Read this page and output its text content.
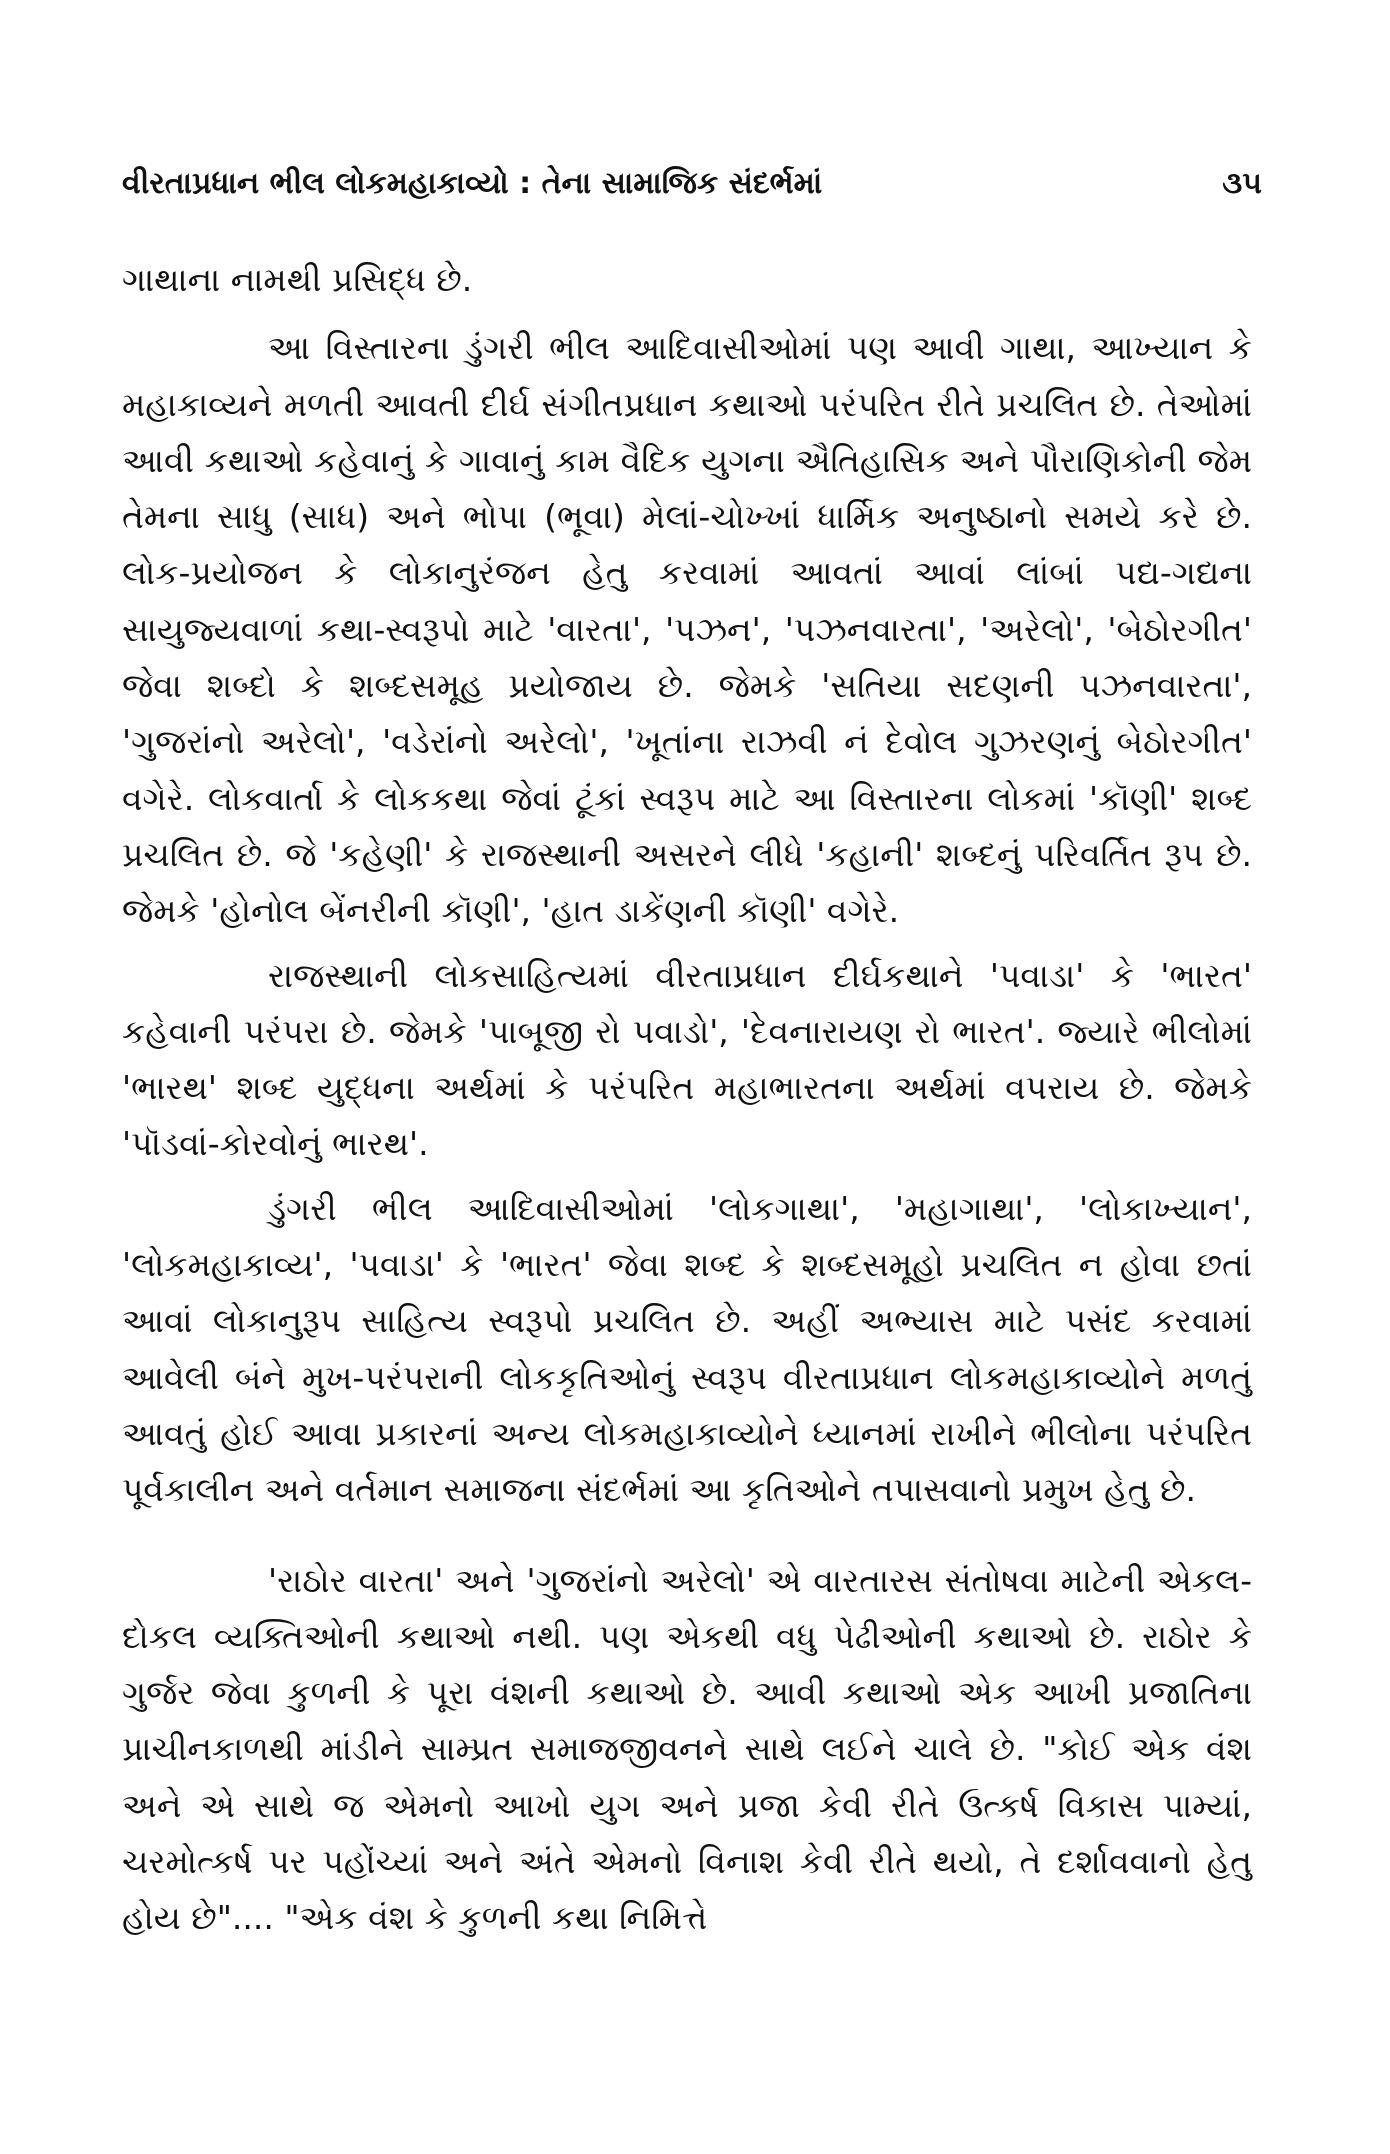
વીરતાપ્રધાન ભીલ લોકમહાકાવ્યો : તેના સામાજિક સંદર્ભમાં	૩૫

ગાથાના નામથી પ્રસિદ્ધ છે.

આ વિસ્તારના ડુંગરી ભીલ આદિવાસીઓમાં પણ આવી ગાથા, આખ્યાન કે મહાકાવ્યને મળતી આવતી દીર્ઘ સંગીતપ્રધાન કથાઓ પરંપરિત રીતે પ્રચલિત છે. તેઓમાં આવી કથાઓ કહેવાનું કે ગાવાનું કામ વૈદિક યુગના ઐતિહાસિક અને પૌરાણિકોની જેમ તેમના સાધુ (સાધ) અને ભોપા (ભૂવા) મેલાં-ચોખ્ખાં ધાર્મિક અનુષ્ઠાનો સમયે કરે છે. લોક-પ્રયોજન કે લોકાનુરંજન હેતુ કરવામાં આવતાં આવાં લાંબાં પદ્ય-ગદ્યના સાયુજ્યવાળાં કથા-સ્વરૂપો માટે 'વારતા', 'પઝન', 'પઝનવારતા', 'અરેલો', 'બેઠોરગીત' જેવા શબ્દો કે શબ્દસમૂહ પ્રયોજાય છે. જેમકે 'સતિયા સદણની પઝનવારતા', 'ગુજરાંનો અરેલો', 'વડેરાંનો અરેલો', 'ખૂતાંના રાઝવી નં દેવોલ ગુઝરણનું બેઠોરગીત' વગેરે. લોકવાર્તા કે લોકકથા જેવાં ટૂંકાં સ્વરૂપ માટે આ વિસ્તારના લોકમાં 'કૉણી' શબ્દ પ્રચલિત છે. જે 'કહેણી' કે રાજસ્થાની અસરને લીધે 'કહાની' શબ્દનું પરિવર્તિત રૂપ છે. જેમકે 'હોનોલ બેંનરીની કૉણી', 'હાત ડાકેંણની કૉણી' વગેરે.

રાજસ્થાની લોકસાહિત્યમાં વીરતાપ્રધાન દીર્ઘકથાને 'પવાડા' કે 'ભારત' કહેવાની પરંપરા છે. જેમકે 'પાબૂજી રો પવાડો', 'દેવનારાયણ રો ભારત'. જ્યારે ભીલોમાં 'ભારથ' શબ્દ યુદ્ધના અર્થમાં કે પરંપરિત મહાભારતના અર્થમાં વપરાય છે. જેમકે 'પૉડવાં-કોરવોનું ભારથ'.

ડુંગરી ભીલ આદિવાસીઓમાં 'લોકગાથા', 'મહાગાથા', 'લોકાખ્યાન', 'લોકમહાકાવ્ય', 'પવાડા' કે 'ભારત' જેવા શબ્દ કે શબ્દસમૂહો પ્રચલિત ન હોવા છતાં આવાં લોકાનુરૂપ સાહિત્ય સ્વરૂપો પ્રચલિત છે. અહીં અભ્યાસ માટે પસંદ કરવામાં આવેલી બંને મુખ-પરંપરાની લોકકૃતિઓનું સ્વરૂપ વીરતાપ્રધાન લોકમહાકાવ્યોને મળતું આવતું હોઈ આવા પ્રકારનાં અન્ય લોકમહાકાવ્યોને ધ્યાનમાં રાખીને ભીલોના પરંપરિત પૂર્વકાલીન અને વર્તમાન સમાજના સંદર્ભમાં આ કૃતિઓને તપાસવાનો પ્રમુખ હેતુ છે.

'રાઠોર વારતા' અને 'ગુજરાંનો અરેલો' એ વારતારસ સંતોષવા માટેની એકલ-દોકલ વ્યક્તિઓની કથાઓ નથી. પણ એકથી વધુ પેઢીઓની કથાઓ છે. રાઠોર કે ગુર્જર જેવા કુળની કે પૂરા વંશની કથાઓ છે. આવી કથાઓ એક આખી પ્રજાતિના પ્રાચીનકાળથી માંડીને સામ્પ્રત સમાજજીવનને સાથે લઈને ચાલે છે. "કોઈ એક વંશ અને એ સાથે જ એમનો આખો યુગ અને પ્રજા કેવી રીતે ઉત્કર્ષ વિકાસ પામ્યાં, ચરમોત્કર્ષ પર પહોંચ્યાં અને અંતે એમનો વિનાશ કેવી રીતે થયો, તે દર્શાવવાનો હેતુ હોય છે".... "એક વંશ કે કુળની કથા નિમિત્તે
